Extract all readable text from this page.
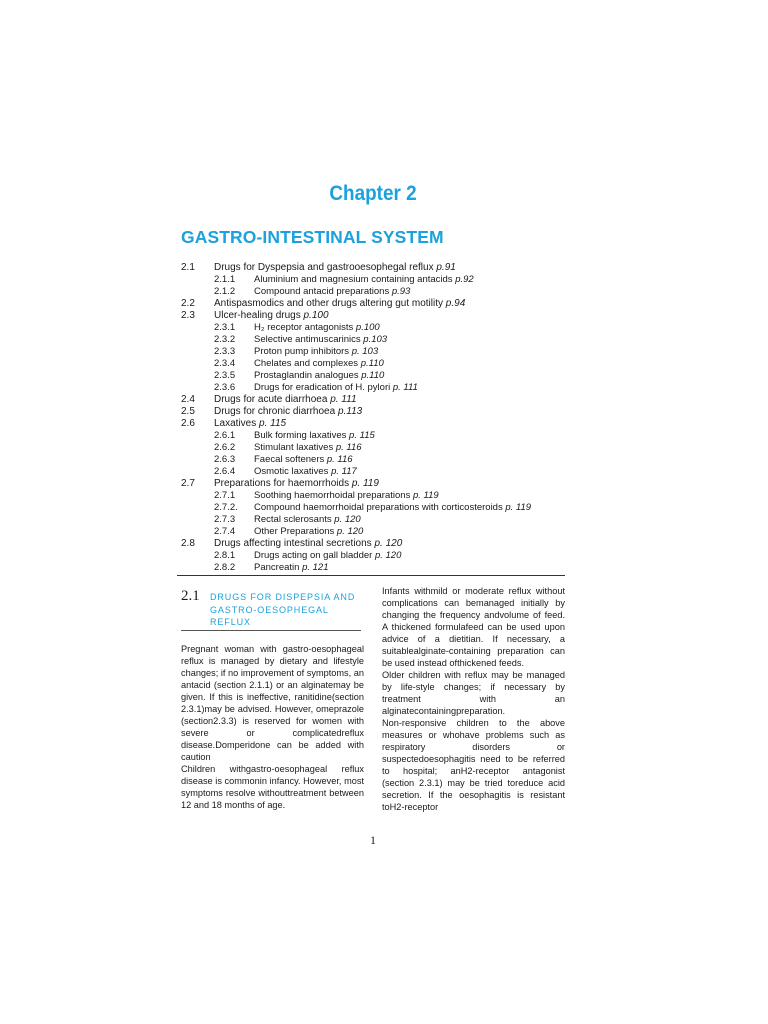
Chapter 2
GASTRO-INTESTINAL SYSTEM
2.1 Drugs for Dyspepsia and gastrooesophegal reflux p.91
2.1.1 Aluminium and magnesium containing antacids p.92
2.1.2 Compound antacid preparations p.93
2.2 Antispasmodics and other drugs altering gut motility p.94
2.3 Ulcer-healing drugs p.100
2.3.1 H₂ receptor antagonists p.100
2.3.2 Selective antimuscarinics p.103
2.3.3 Proton pump inhibitors p. 103
2.3.4 Chelates and complexes p.110
2.3.5 Prostaglandin analogues p.110
2.3.6 Drugs for eradication of H. pylori p. 111
2.4 Drugs for acute diarrhoea p. 111
2.5 Drugs for chronic diarrhoea p.113
2.6 Laxatives p. 115
2.6.1 Bulk forming laxatives p. 115
2.6.2 Stimulant laxatives p. 116
2.6.3 Faecal softeners p. 116
2.6.4 Osmotic laxatives p. 117
2.7 Preparations for haemorrhoids p. 119
2.7.1 Soothing haemorrhoidal preparations p. 119
2.7.2. Compound haemorrhoidal preparations with corticosteroids p. 119
2.7.3 Rectal sclerosants p. 120
2.7.4 Other Preparations p. 120
2.8 Drugs affecting intestinal secretions p. 120
2.8.1 Drugs acting on gall bladder p. 120
2.8.2 Pancreatin p. 121
2.1 DRUGS FOR DISPEPSIA AND GASTRO-OESOPHEGAL REFLUX

Pregnant woman with gastro-oesophageal reflux is managed by dietary and lifestyle changes; if no improvement of symptoms, an antacid (section 2.1.1) or an alginatemay be given. If this is ineffective, ranitidine(section 2.3.1)may be advised. However, omeprazole (section2.3.3) is reserved for women with severe or complicatedreflux disease.Domperidone can be added with caution

Children withgastro-oesophageal reflux disease is commonin infancy. However, most symptoms resolve withouttreatment between 12 and 18 months of age.

Infants withmild or moderate reflux without complications can bemanaged initially by changing the frequency andvolume of feed. A thickened formulafeed can be used upon advice of a dietitian. If necessary, a suitablealginate-containing preparation can be used instead ofthickened feeds.

Older children with reflux may be managed by life-style changes; if necessary by treatment with an alginatecontainingpreparation.

Non-responsive children to the above measures or whohave problems such as respiratory disorders or suspectedoesophagitis need to be referred to hospital; anH2-receptor antagonist (section 2.3.1) may be tried toreduce acid secretion. If the oesophagitis is resistant toH2-receptor

1
